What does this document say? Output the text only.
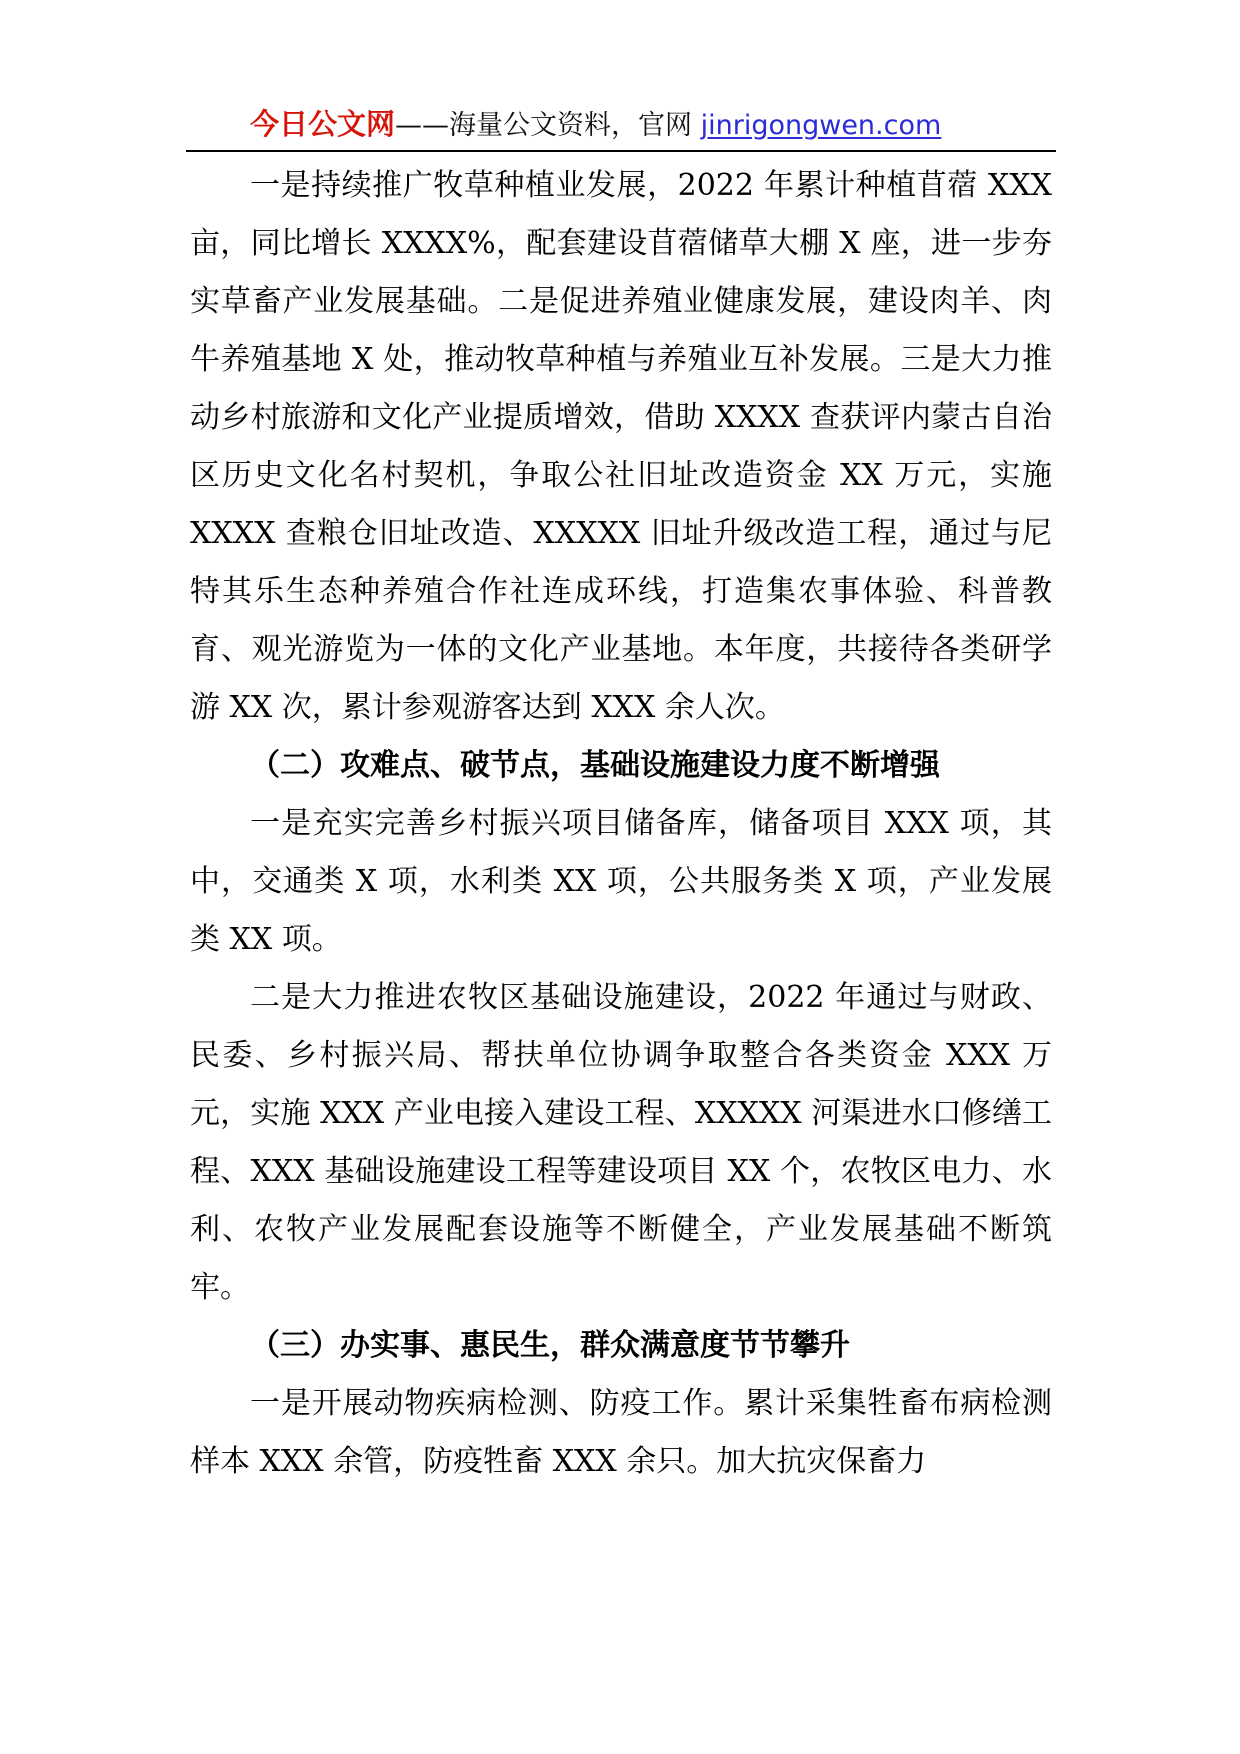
今日公文网——海量公文资料，官网 jinrigongwen.com

一是持续推广牧草种植业发展，2022 年累计种植苜蓿 XXX 亩，同比增长 XXXX%，配套建设苜蓿储草大棚 X 座，进一步夯实草畜产业发展基础。二是促进养殖业健康发展，建设肉羊、肉牛养殖基地 X 处，推动牧草种植与养殖业互补发展。三是大力推动乡村旅游和文化产业提质增效，借助 XXXX 查获评内蒙古自治区历史文化名村契机，争取公社旧址改造资金 XX 万元，实施 XXXX 查粮仓旧址改造、XXXXX 旧址升级改造工程，通过与尼特其乐生态种养殖合作社连成环线，打造集农事体验、科普教育、观光游览为一体的文化产业基地。本年度，共接待各类研学游 XX 次，累计参观游客达到 XXX 余人次。

（二）攻难点、破节点，基础设施建设力度不断增强

一是充实完善乡村振兴项目储备库，储备项目 XXX 项，其中，交通类 X 项，水利类 XX 项，公共服务类 X 项，产业发展类 XX 项。

二是大力推进农牧区基础设施建设，2022 年通过与财政、民委、乡村振兴局、帮扶单位协调争取整合各类资金 XXX 万元，实施 XXX 产业电接入建设工程、XXXXX 河渠进水口修缮工程、XXX 基础设施建设工程等建设项目 XX 个，农牧区电力、水利、农牧产业发展配套设施等不断健全，产业发展基础不断筑牢。

（三）办实事、惠民生，群众满意度节节攀升

一是开展动物疾病检测、防疫工作。累计采集牲畜布病检测样本 XXX 余管，防疫牲畜 XXX 余只。加大抗灾保畜力
